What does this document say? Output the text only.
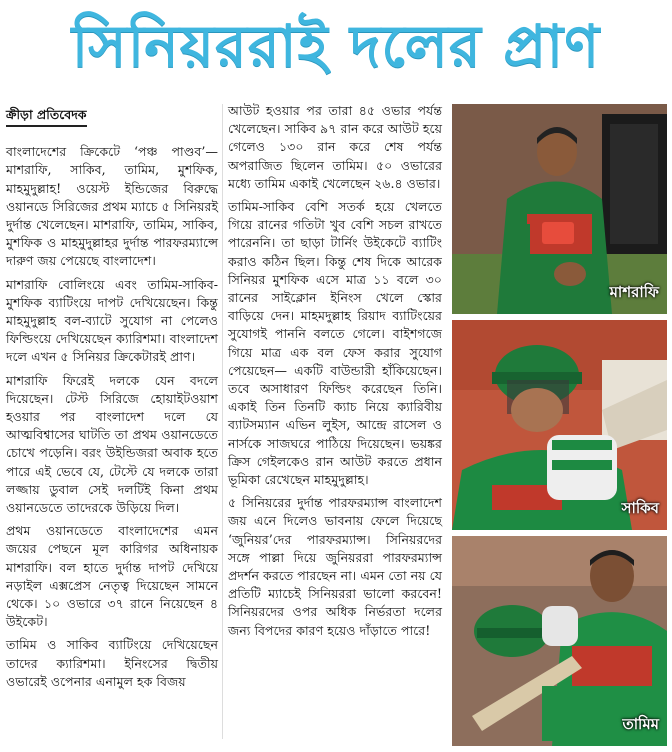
সিনিয়ররাই দলের প্রাণ
ক্রীড়া প্রতিবেদক

বাংলাদেশের ক্রিকেটে ‘পঞ্চ পাণ্ডব’— মাশরাফি, সাকিব, তামিম, মুশফিক, মাহমুদুল্লাহ! ওয়েস্ট ইন্ডিজের বিরুদ্ধে ওয়ানডে সিরিজের প্রথম ম্যাচে ৫ সিনিয়রই দুর্দান্ত খেলেছেন। মাশরাফি, তামিম, সাকিব, মুশফিক ও মাহমুদুল্লাহর দুর্দান্ত পারফরম্যান্সে দারুণ জয় পেয়েছে বাংলাদেশ।

মাশরাফি বোলিংয়ে এবং তামিম-সাকিব-মুশফিক ব্যাটিংয়ে দাপট দেখিয়েছেন। কিন্তু মাহমুদুল্লাহ বল-ব্যাটে সুযোগ না পেলেও ফিল্ডিংয়ে দেখিয়েছেন ক্যারিশমা। বাংলাদেশ দলে এখন ৫ সিনিয়র ক্রিকেটারই প্রাণ।

মাশরাফি ফিরেই দলকে যেন বদলে দিয়েছেন। টেস্ট সিরিজে হোয়াইটওয়াশ হওয়ার পর বাংলাদেশ দলে যে আত্মবিশ্বাসের ঘাটতি তা প্রথম ওয়ানডেতে চোখে পড়েনি। বরং উইন্ডিজরা অবাক হতে পারে এই ভেবে যে, টেস্টে যে দলকে তারা লজ্জায় ডুবাল সেই দলটিই কিনা প্রথম ওয়ানডেতে তাদেরকে উড়িয়ে দিল।

প্রথম ওয়ানডেতে বাংলাদেশের এমন জয়ের পেছনে মূল কারিগর অধিনায়ক মাশরাফি। বল হাতে দুর্দান্ত দাপট দেখিয়ে নড়াইল এক্সপ্রেস নেতৃত্ব দিয়েছেন সামনে থেকে। ১০ ওভারে ৩৭ রানে নিয়েছেন ৪ উইকেট।

তামিম ও সাকিব ব্যাটিংয়ে দেখিয়েছেন তাদের ক্যারিশমা। ইনিংসের দ্বিতীয় ওভারেই ওপেনার এনামুল হক বিজয়

আউট হওয়ার পর তারা ৪৫ ওভার পর্যন্ত খেলেছেন। সাকিব ৯৭ রান করে আউট হয়ে গেলেও ১৩০ রান করে শেষ পর্যন্ত অপরাজিত ছিলেন তামিম। ৫০ ওভারের মধ্যে তামিম একাই খেলেছেন ২৬.৪ ওভার।

তামিম-সাকিব বেশি সতর্ক হয়ে খেলতে গিয়ে রানের গতিটা খুব বেশি সচল রাখতে পারেননি। তা ছাড়া টার্নিং উইকেটে ব্যাটিং করাও কঠিন ছিল। কিন্তু শেষ দিকে আরেক সিনিয়র মুশফিক এসে মাত্র ১১ বলে ৩০ রানের সাইক্লোন ইনিংস খেলে স্কোর বাড়িয়ে দেন। মাহমদুল্লাহ রিয়াদ ব্যাটিংয়ের সুযোগই পাননি বলতে গেলে। বাইশগজে গিয়ে মাত্র এক বল ফেস করার সুযোগ পেয়েছেন— একটি বাউন্ডারী হাঁকিয়েছেন। তবে অসাধারণ ফিল্ডিং করেছেন তিনি। একাই তিন তিনটি ক্যাচ নিয়ে ক্যারিবীয় ব্যাটসম্যান এভিন লুইস, আন্দ্রে রাসেল ও নার্সকে সাজঘরে পাঠিয়ে দিয়েছেন। ভয়ঙ্কর ক্রিস গেইলকেও রান আউট করতে প্রধান ভূমিকা রেখেছেন মাহমুদুল্লাহ।

৫ সিনিয়রের দুর্দান্ত পারফরম্যান্স বাংলাদেশ জয় এনে দিলেও ভাবনায় ফেলে দিয়েছে ‘জুনিয়র’দের পারফরম্যান্স। সিনিয়রদের সঙ্গে পাল্লা দিয়ে জুনিয়ররা পারফরম্যান্স প্রদর্শন করতে পারছেন না। এমন তো নয় যে প্রতিটি ম্যাচেই সিনিয়ররা ভালো করবেন! সিনিয়রদের ওপর অধিক নির্ভরতা দলের জন্য বিপদের কারণ হয়েও দাঁড়াতে পারে!

মাশরাফি
সাকিব
তামিম
